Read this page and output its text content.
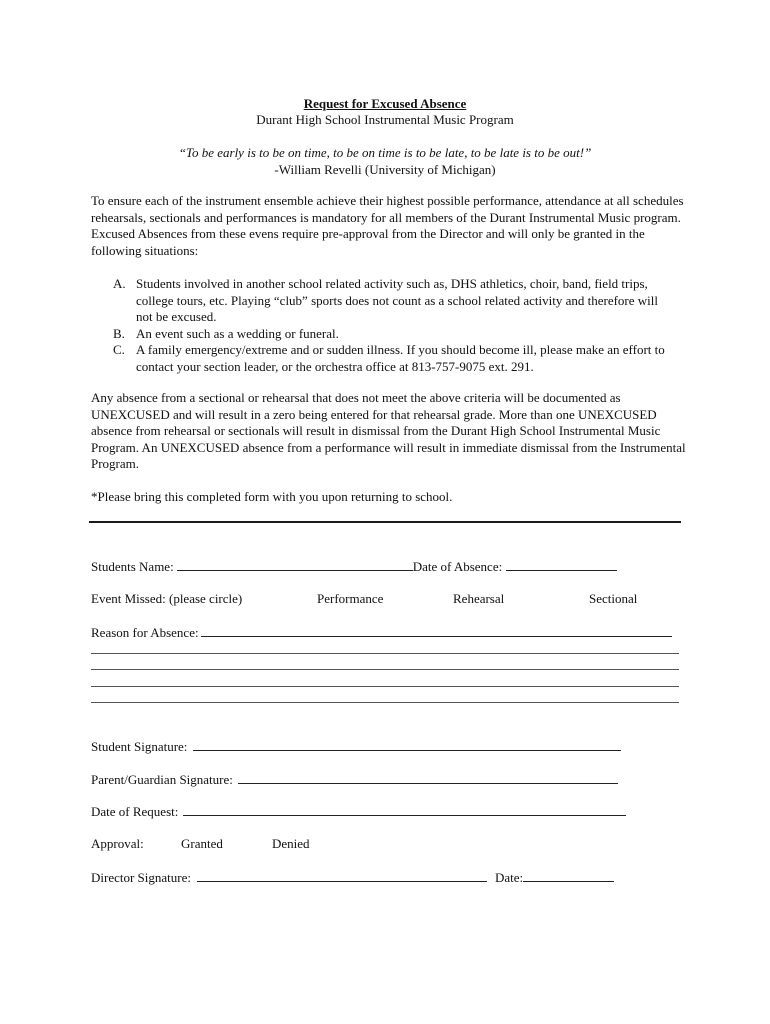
Request for Excused Absence
Durant High School Instrumental Music Program
“To be early is to be on time, to be on time is to be late, to be late is to be out!”
-William Revelli (University of Michigan)
To ensure each of the instrument ensemble achieve their highest possible performance, attendance at all schedules rehearsals, sectionals and performances is mandatory for all members of the Durant Instrumental Music program. Excused Absences from these evens require pre-approval from the Director and will only be granted in the following situations:
A. Students involved in another school related activity such as, DHS athletics, choir, band, field trips, college tours, etc. Playing “club” sports does not count as a school related activity and therefore will not be excused.
B. An event such as a wedding or funeral.
C. A family emergency/extreme and or sudden illness. If you should become ill, please make an effort to contact your section leader, or the orchestra office at 813-757-9075 ext. 291.
Any absence from a sectional or rehearsal that does not meet the above criteria will be documented as UNEXCUSED and will result in a zero being entered for that rehearsal grade. More than one UNEXCUSED absence from rehearsal or sectionals will result in dismissal from the Durant High School Instrumental Music Program. An UNEXCUSED absence from a performance will result in immediate dismissal from the Instrumental Program.
*Please bring this completed form with you upon returning to school.
Students Name:	Date of Absence:
Event Missed: (please circle)	Performance	Rehearsal	Sectional
Reason for Absence:
Student Signature:
Parent/Guardian Signature:
Date of Request:
Approval:	Granted	Denied
Director Signature:	Date:
